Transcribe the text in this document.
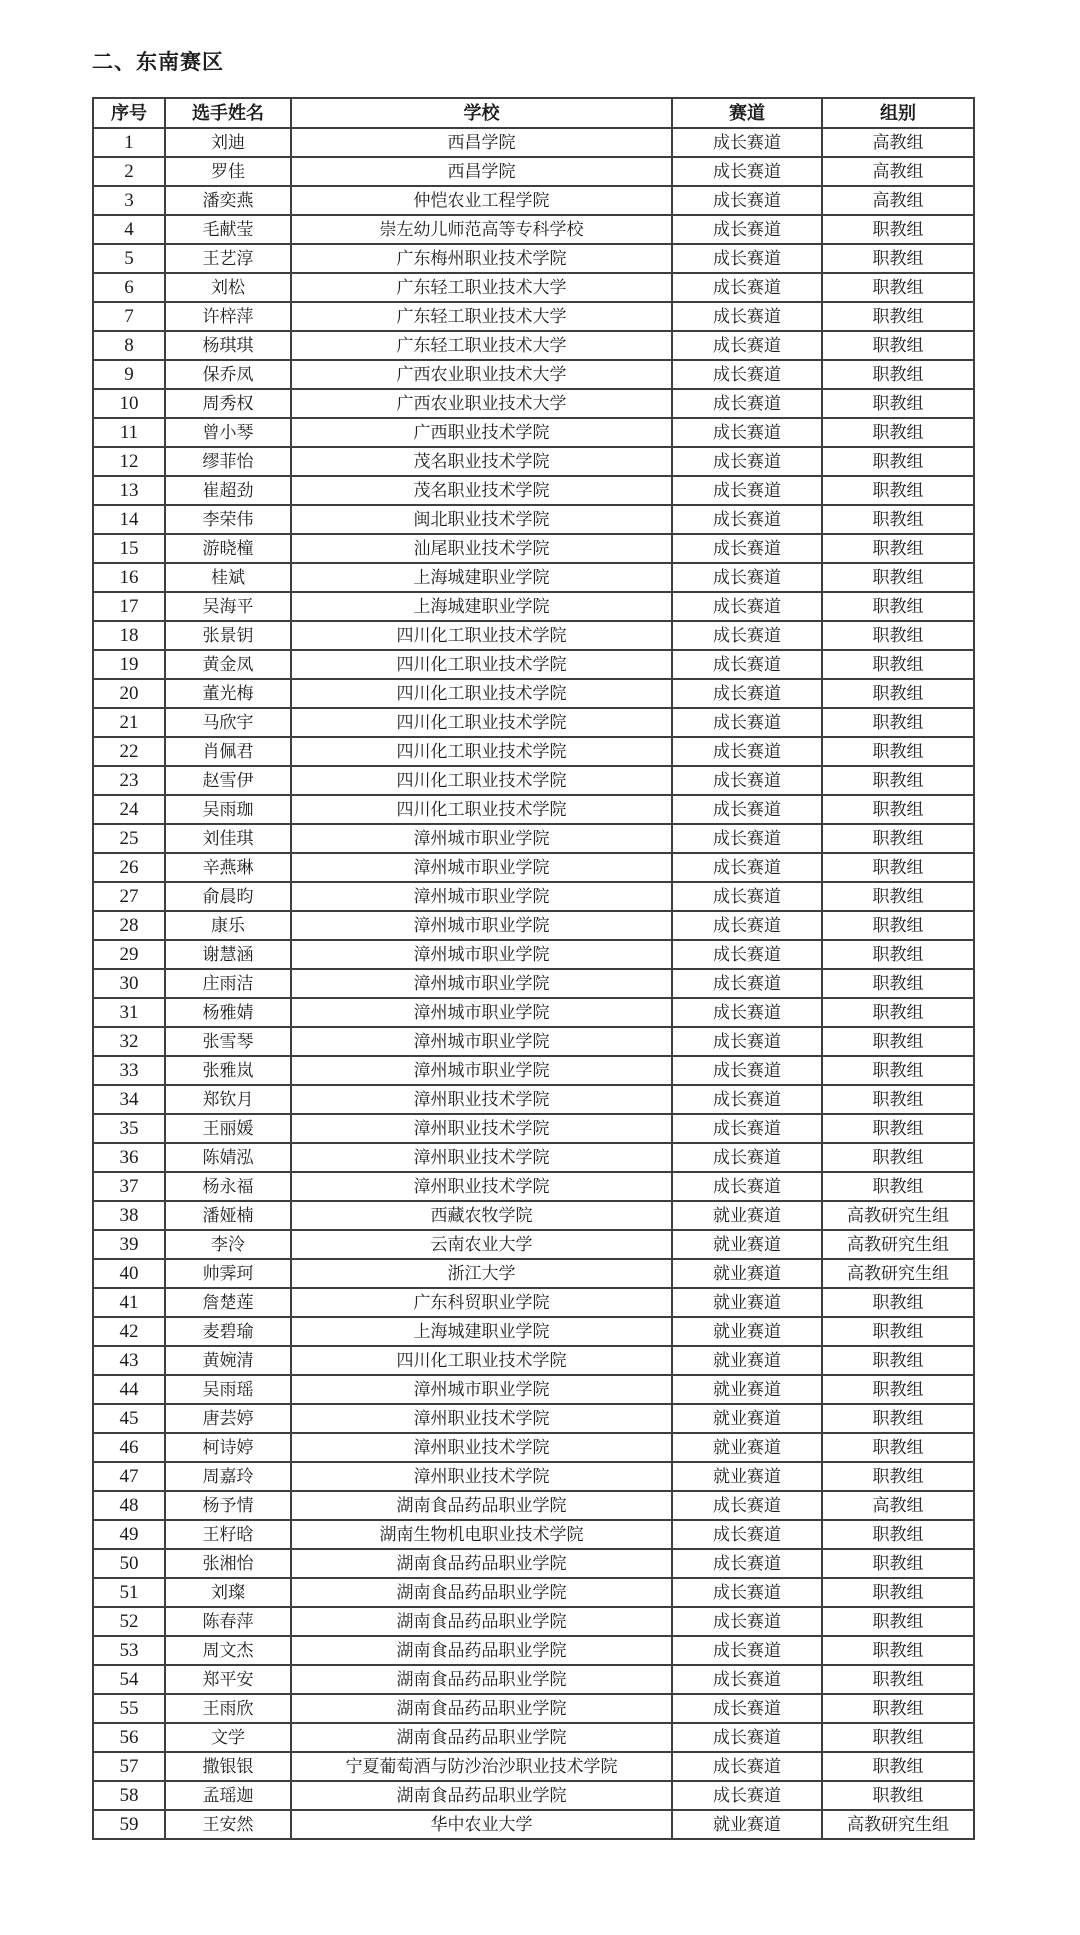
二、东南赛区
序号	选手姓名	学校	赛道	组别
1	刘迪	西昌学院	成长赛道	高教组
2	罗佳	西昌学院	成长赛道	高教组
3	潘奕燕	仲恺农业工程学院	成长赛道	高教组
4	毛献莹	崇左幼儿师范高等专科学校	成长赛道	职教组
5	王艺淳	广东梅州职业技术学院	成长赛道	职教组
6	刘松	广东轻工职业技术大学	成长赛道	职教组
7	许梓萍	广东轻工职业技术大学	成长赛道	职教组
8	杨琪琪	广东轻工职业技术大学	成长赛道	职教组
9	保乔凤	广西农业职业技术大学	成长赛道	职教组
10	周秀权	广西农业职业技术大学	成长赛道	职教组
11	曾小琴	广西职业技术学院	成长赛道	职教组
12	缪菲怡	茂名职业技术学院	成长赛道	职教组
13	崔超劲	茂名职业技术学院	成长赛道	职教组
14	李荣伟	闽北职业技术学院	成长赛道	职教组
15	游晓橦	汕尾职业技术学院	成长赛道	职教组
16	桂斌	上海城建职业学院	成长赛道	职教组
17	吴海平	上海城建职业学院	成长赛道	职教组
18	张景钥	四川化工职业技术学院	成长赛道	职教组
19	黄金凤	四川化工职业技术学院	成长赛道	职教组
20	董光梅	四川化工职业技术学院	成长赛道	职教组
21	马欣宇	四川化工职业技术学院	成长赛道	职教组
22	肖佩君	四川化工职业技术学院	成长赛道	职教组
23	赵雪伊	四川化工职业技术学院	成长赛道	职教组
24	吴雨珈	四川化工职业技术学院	成长赛道	职教组
25	刘佳琪	漳州城市职业学院	成长赛道	职教组
26	辛燕琳	漳州城市职业学院	成长赛道	职教组
27	俞晨昀	漳州城市职业学院	成长赛道	职教组
28	康乐	漳州城市职业学院	成长赛道	职教组
29	谢慧涵	漳州城市职业学院	成长赛道	职教组
30	庄雨洁	漳州城市职业学院	成长赛道	职教组
31	杨雅婧	漳州城市职业学院	成长赛道	职教组
32	张雪琴	漳州城市职业学院	成长赛道	职教组
33	张雅岚	漳州城市职业学院	成长赛道	职教组
34	郑钦月	漳州职业技术学院	成长赛道	职教组
35	王丽媛	漳州职业技术学院	成长赛道	职教组
36	陈婧泓	漳州职业技术学院	成长赛道	职教组
37	杨永福	漳州职业技术学院	成长赛道	职教组
38	潘娅楠	西藏农牧学院	就业赛道	高教研究生组
39	李泠	云南农业大学	就业赛道	高教研究生组
40	帅霁珂	浙江大学	就业赛道	高教研究生组
41	詹楚莲	广东科贸职业学院	就业赛道	职教组
42	麦碧瑜	上海城建职业学院	就业赛道	职教组
43	黄婉清	四川化工职业技术学院	就业赛道	职教组
44	吴雨瑶	漳州城市职业学院	就业赛道	职教组
45	唐芸婷	漳州职业技术学院	就业赛道	职教组
46	柯诗婷	漳州职业技术学院	就业赛道	职教组
47	周嘉玲	漳州职业技术学院	就业赛道	职教组
48	杨予情	湖南食品药品职业学院	成长赛道	高教组
49	王籽晗	湖南生物机电职业技术学院	成长赛道	职教组
50	张湘怡	湖南食品药品职业学院	成长赛道	职教组
51	刘璨	湖南食品药品职业学院	成长赛道	职教组
52	陈春萍	湖南食品药品职业学院	成长赛道	职教组
53	周文杰	湖南食品药品职业学院	成长赛道	职教组
54	郑平安	湖南食品药品职业学院	成长赛道	职教组
55	王雨欣	湖南食品药品职业学院	成长赛道	职教组
56	文学	湖南食品药品职业学院	成长赛道	职教组
57	撒银银	宁夏葡萄酒与防沙治沙职业技术学院	成长赛道	职教组
58	孟瑶迦	湖南食品药品职业学院	成长赛道	职教组
59	王安然	华中农业大学	就业赛道	高教研究生组
